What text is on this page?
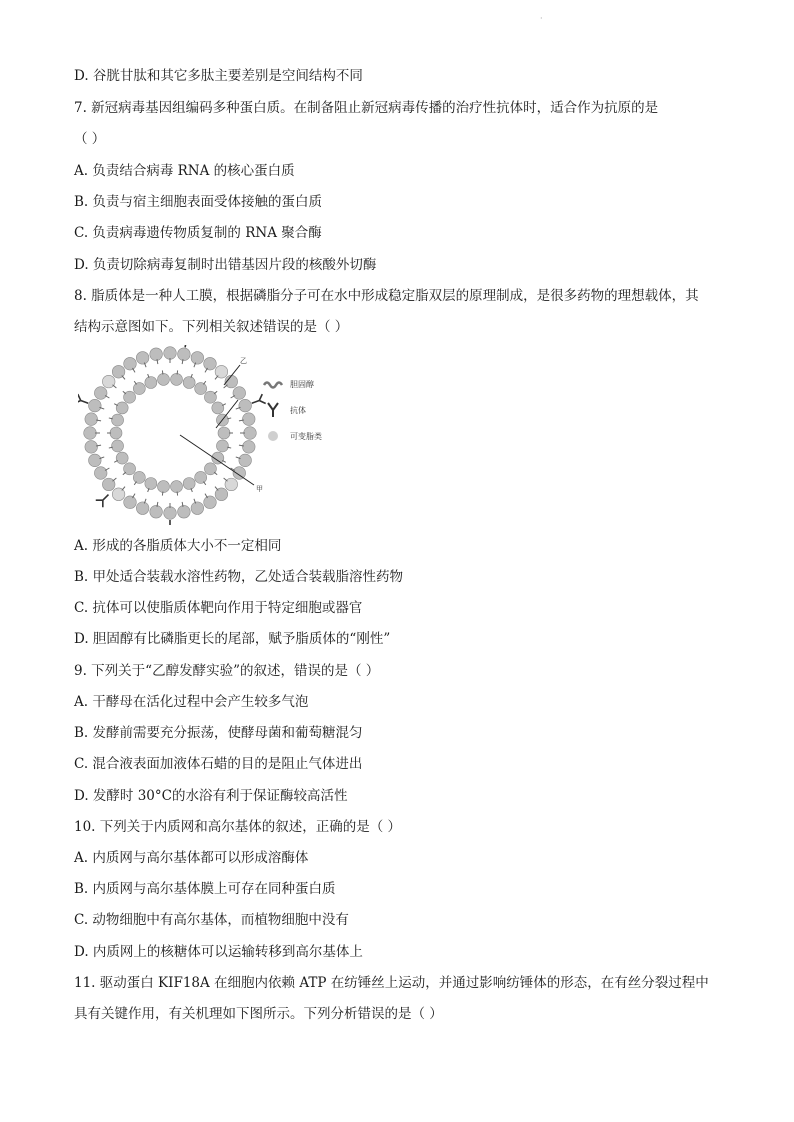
·
D. 谷胱甘肽和其它多肽主要差别是空间结构不同
7. 新冠病毒基因组编码多种蛋白质。在制备阻止新冠病毒传播的治疗性抗体时，适合作为抗原的是
（ ）
A. 负责结合病毒 RNA 的核心蛋白质
B. 负责与宿主细胞表面受体接触的蛋白质
C. 负责病毒遗传物质复制的 RNA 聚合酶
D. 负责切除病毒复制时出错基因片段的核酸外切酶
8. 脂质体是一种人工膜，根据磷脂分子可在水中形成稳定脂双层的原理制成，是很多药物的理想载体，其
结构示意图如下。下列相关叙述错误的是（ ）
乙
甲
胆固醇
抗体
可变脂类
A. 形成的各脂质体大小不一定相同
B. 甲处适合装载水溶性药物，乙处适合装载脂溶性药物
C. 抗体可以使脂质体靶向作用于特定细胞或器官
D. 胆固醇有比磷脂更长的尾部，赋予脂质体的“刚性”
9. 下列关于“乙醇发酵实验”的叙述，错误的是（ ）
A. 干酵母在活化过程中会产生较多气泡
B. 发酵前需要充分振荡，使酵母菌和葡萄糖混匀
C. 混合液表面加液体石蜡的目的是阻止气体进出
D. 发酵时 30°C的水浴有利于保证酶较高活性
10. 下列关于内质网和高尔基体的叙述，正确的是（ ）
A. 内质网与高尔基体都可以形成溶酶体
B. 内质网与高尔基体膜上可存在同种蛋白质
C. 动物细胞中有高尔基体，而植物细胞中没有
D. 内质网上的核糖体可以运输转移到高尔基体上
11. 驱动蛋白 KIF18A 在细胞内依赖 ATP 在纺锤丝上运动，并通过影响纺锤体的形态，在有丝分裂过程中
具有关键作用，有关机理如下图所示。下列分析错误的是（ ）
